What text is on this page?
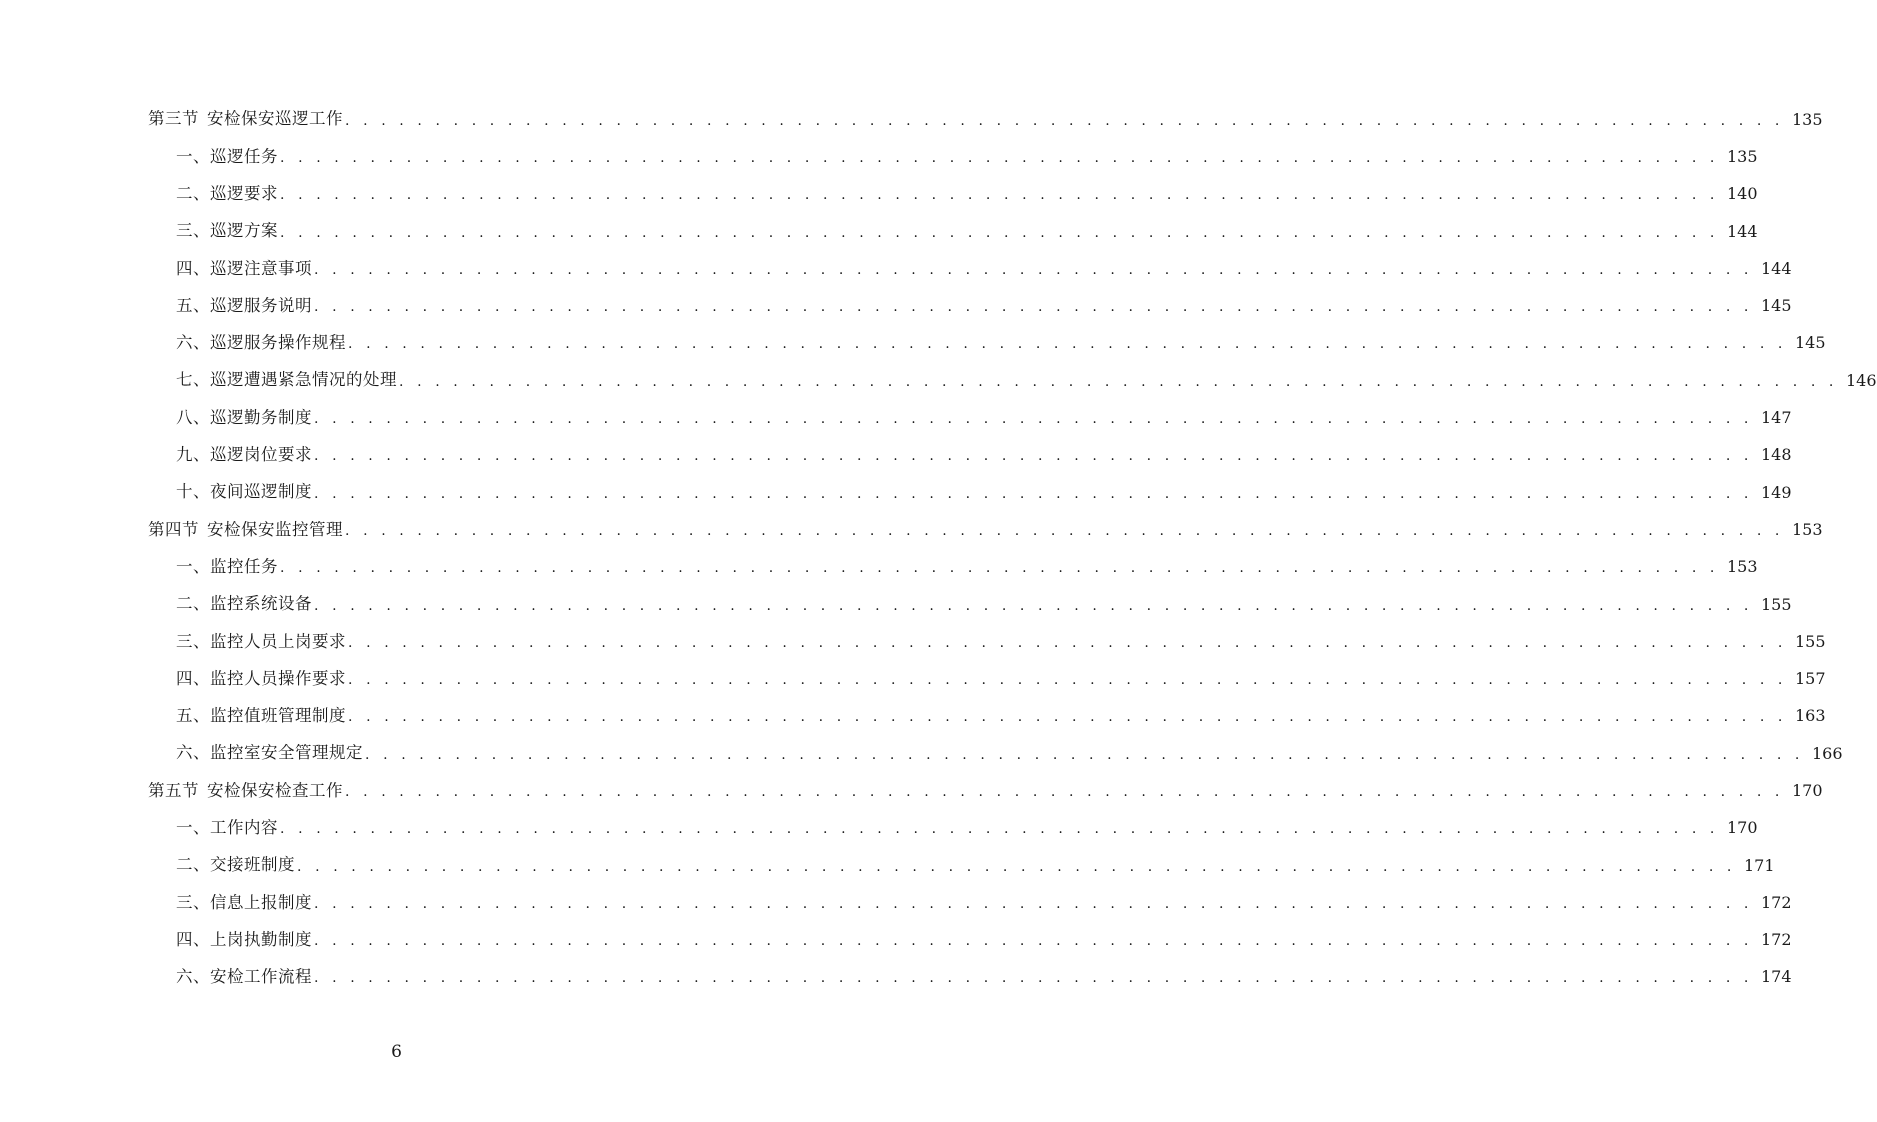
第三节 安检保安巡逻工作 . . . . . . . . . . . . . . . . . . . . . . . . . . . . . . . . . . . . . . . . . . . . . . . . . . . . . . . . . . . . . . . . . . . . . . . . . . . . . . . . 135
一、巡逻任务 . . . . . . . . . . . . . . . . . . . . . . . . . . . . . . . . . . . . . . . . . . . . . . . . . . . . . . . . . . . . . . . . . . . . . . . . . . . . . . . . 135
二、巡逻要求 . . . . . . . . . . . . . . . . . . . . . . . . . . . . . . . . . . . . . . . . . . . . . . . . . . . . . . . . . . . . . . . . . . . . . . . . . . . . . . . . 140
三、巡逻方案 . . . . . . . . . . . . . . . . . . . . . . . . . . . . . . . . . . . . . . . . . . . . . . . . . . . . . . . . . . . . . . . . . . . . . . . . . . . . . . . . 144
四、巡逻注意事项 . . . . . . . . . . . . . . . . . . . . . . . . . . . . . . . . . . . . . . . . . . . . . . . . . . . . . . . . . . . . . . . . . . . . . . . . . . . . . . . . 144
五、巡逻服务说明 . . . . . . . . . . . . . . . . . . . . . . . . . . . . . . . . . . . . . . . . . . . . . . . . . . . . . . . . . . . . . . . . . . . . . . . . . . . . . . . . 145
六、巡逻服务操作规程 . . . . . . . . . . . . . . . . . . . . . . . . . . . . . . . . . . . . . . . . . . . . . . . . . . . . . . . . . . . . . . . . . . . . . . . . . . . . . . . . 145
七、巡逻遭遇紧急情况的处理 . . . . . . . . . . . . . . . . . . . . . . . . . . . . . . . . . . . . . . . . . . . . . . . . . . . . . . . . . . . . . . . . . . . . . . . . . . . . . . . . 146
八、巡逻勤务制度 . . . . . . . . . . . . . . . . . . . . . . . . . . . . . . . . . . . . . . . . . . . . . . . . . . . . . . . . . . . . . . . . . . . . . . . . . . . . . . . . 147
九、巡逻岗位要求 . . . . . . . . . . . . . . . . . . . . . . . . . . . . . . . . . . . . . . . . . . . . . . . . . . . . . . . . . . . . . . . . . . . . . . . . . . . . . . . . 148
十、夜间巡逻制度 . . . . . . . . . . . . . . . . . . . . . . . . . . . . . . . . . . . . . . . . . . . . . . . . . . . . . . . . . . . . . . . . . . . . . . . . . . . . . . . . 149
第四节 安检保安监控管理 . . . . . . . . . . . . . . . . . . . . . . . . . . . . . . . . . . . . . . . . . . . . . . . . . . . . . . . . . . . . . . . . . . . . . . . . . . . . . . . . 153
一、监控任务 . . . . . . . . . . . . . . . . . . . . . . . . . . . . . . . . . . . . . . . . . . . . . . . . . . . . . . . . . . . . . . . . . . . . . . . . . . . . . . . . 153
二、监控系统设备 . . . . . . . . . . . . . . . . . . . . . . . . . . . . . . . . . . . . . . . . . . . . . . . . . . . . . . . . . . . . . . . . . . . . . . . . . . . . . . . . 155
三、监控人员上岗要求 . . . . . . . . . . . . . . . . . . . . . . . . . . . . . . . . . . . . . . . . . . . . . . . . . . . . . . . . . . . . . . . . . . . . . . . . . . . . . . . . 155
四、监控人员操作要求 . . . . . . . . . . . . . . . . . . . . . . . . . . . . . . . . . . . . . . . . . . . . . . . . . . . . . . . . . . . . . . . . . . . . . . . . . . . . . . . . 157
五、监控值班管理制度 . . . . . . . . . . . . . . . . . . . . . . . . . . . . . . . . . . . . . . . . . . . . . . . . . . . . . . . . . . . . . . . . . . . . . . . . . . . . . . . . 163
六、监控室安全管理规定 . . . . . . . . . . . . . . . . . . . . . . . . . . . . . . . . . . . . . . . . . . . . . . . . . . . . . . . . . . . . . . . . . . . . . . . . . . . . . . . . 166
第五节 安检保安检查工作 . . . . . . . . . . . . . . . . . . . . . . . . . . . . . . . . . . . . . . . . . . . . . . . . . . . . . . . . . . . . . . . . . . . . . . . . . . . . . . . . 170
一、工作内容 . . . . . . . . . . . . . . . . . . . . . . . . . . . . . . . . . . . . . . . . . . . . . . . . . . . . . . . . . . . . . . . . . . . . . . . . . . . . . . . . 170
二、交接班制度 . . . . . . . . . . . . . . . . . . . . . . . . . . . . . . . . . . . . . . . . . . . . . . . . . . . . . . . . . . . . . . . . . . . . . . . . . . . . . . . . 171
三、信息上报制度 . . . . . . . . . . . . . . . . . . . . . . . . . . . . . . . . . . . . . . . . . . . . . . . . . . . . . . . . . . . . . . . . . . . . . . . . . . . . . . . . 172
四、上岗执勤制度 . . . . . . . . . . . . . . . . . . . . . . . . . . . . . . . . . . . . . . . . . . . . . . . . . . . . . . . . . . . . . . . . . . . . . . . . . . . . . . . . 172
六、安检工作流程 . . . . . . . . . . . . . . . . . . . . . . . . . . . . . . . . . . . . . . . . . . . . . . . . . . . . . . . . . . . . . . . . . . . . . . . . . . . . . . . . 174
6
